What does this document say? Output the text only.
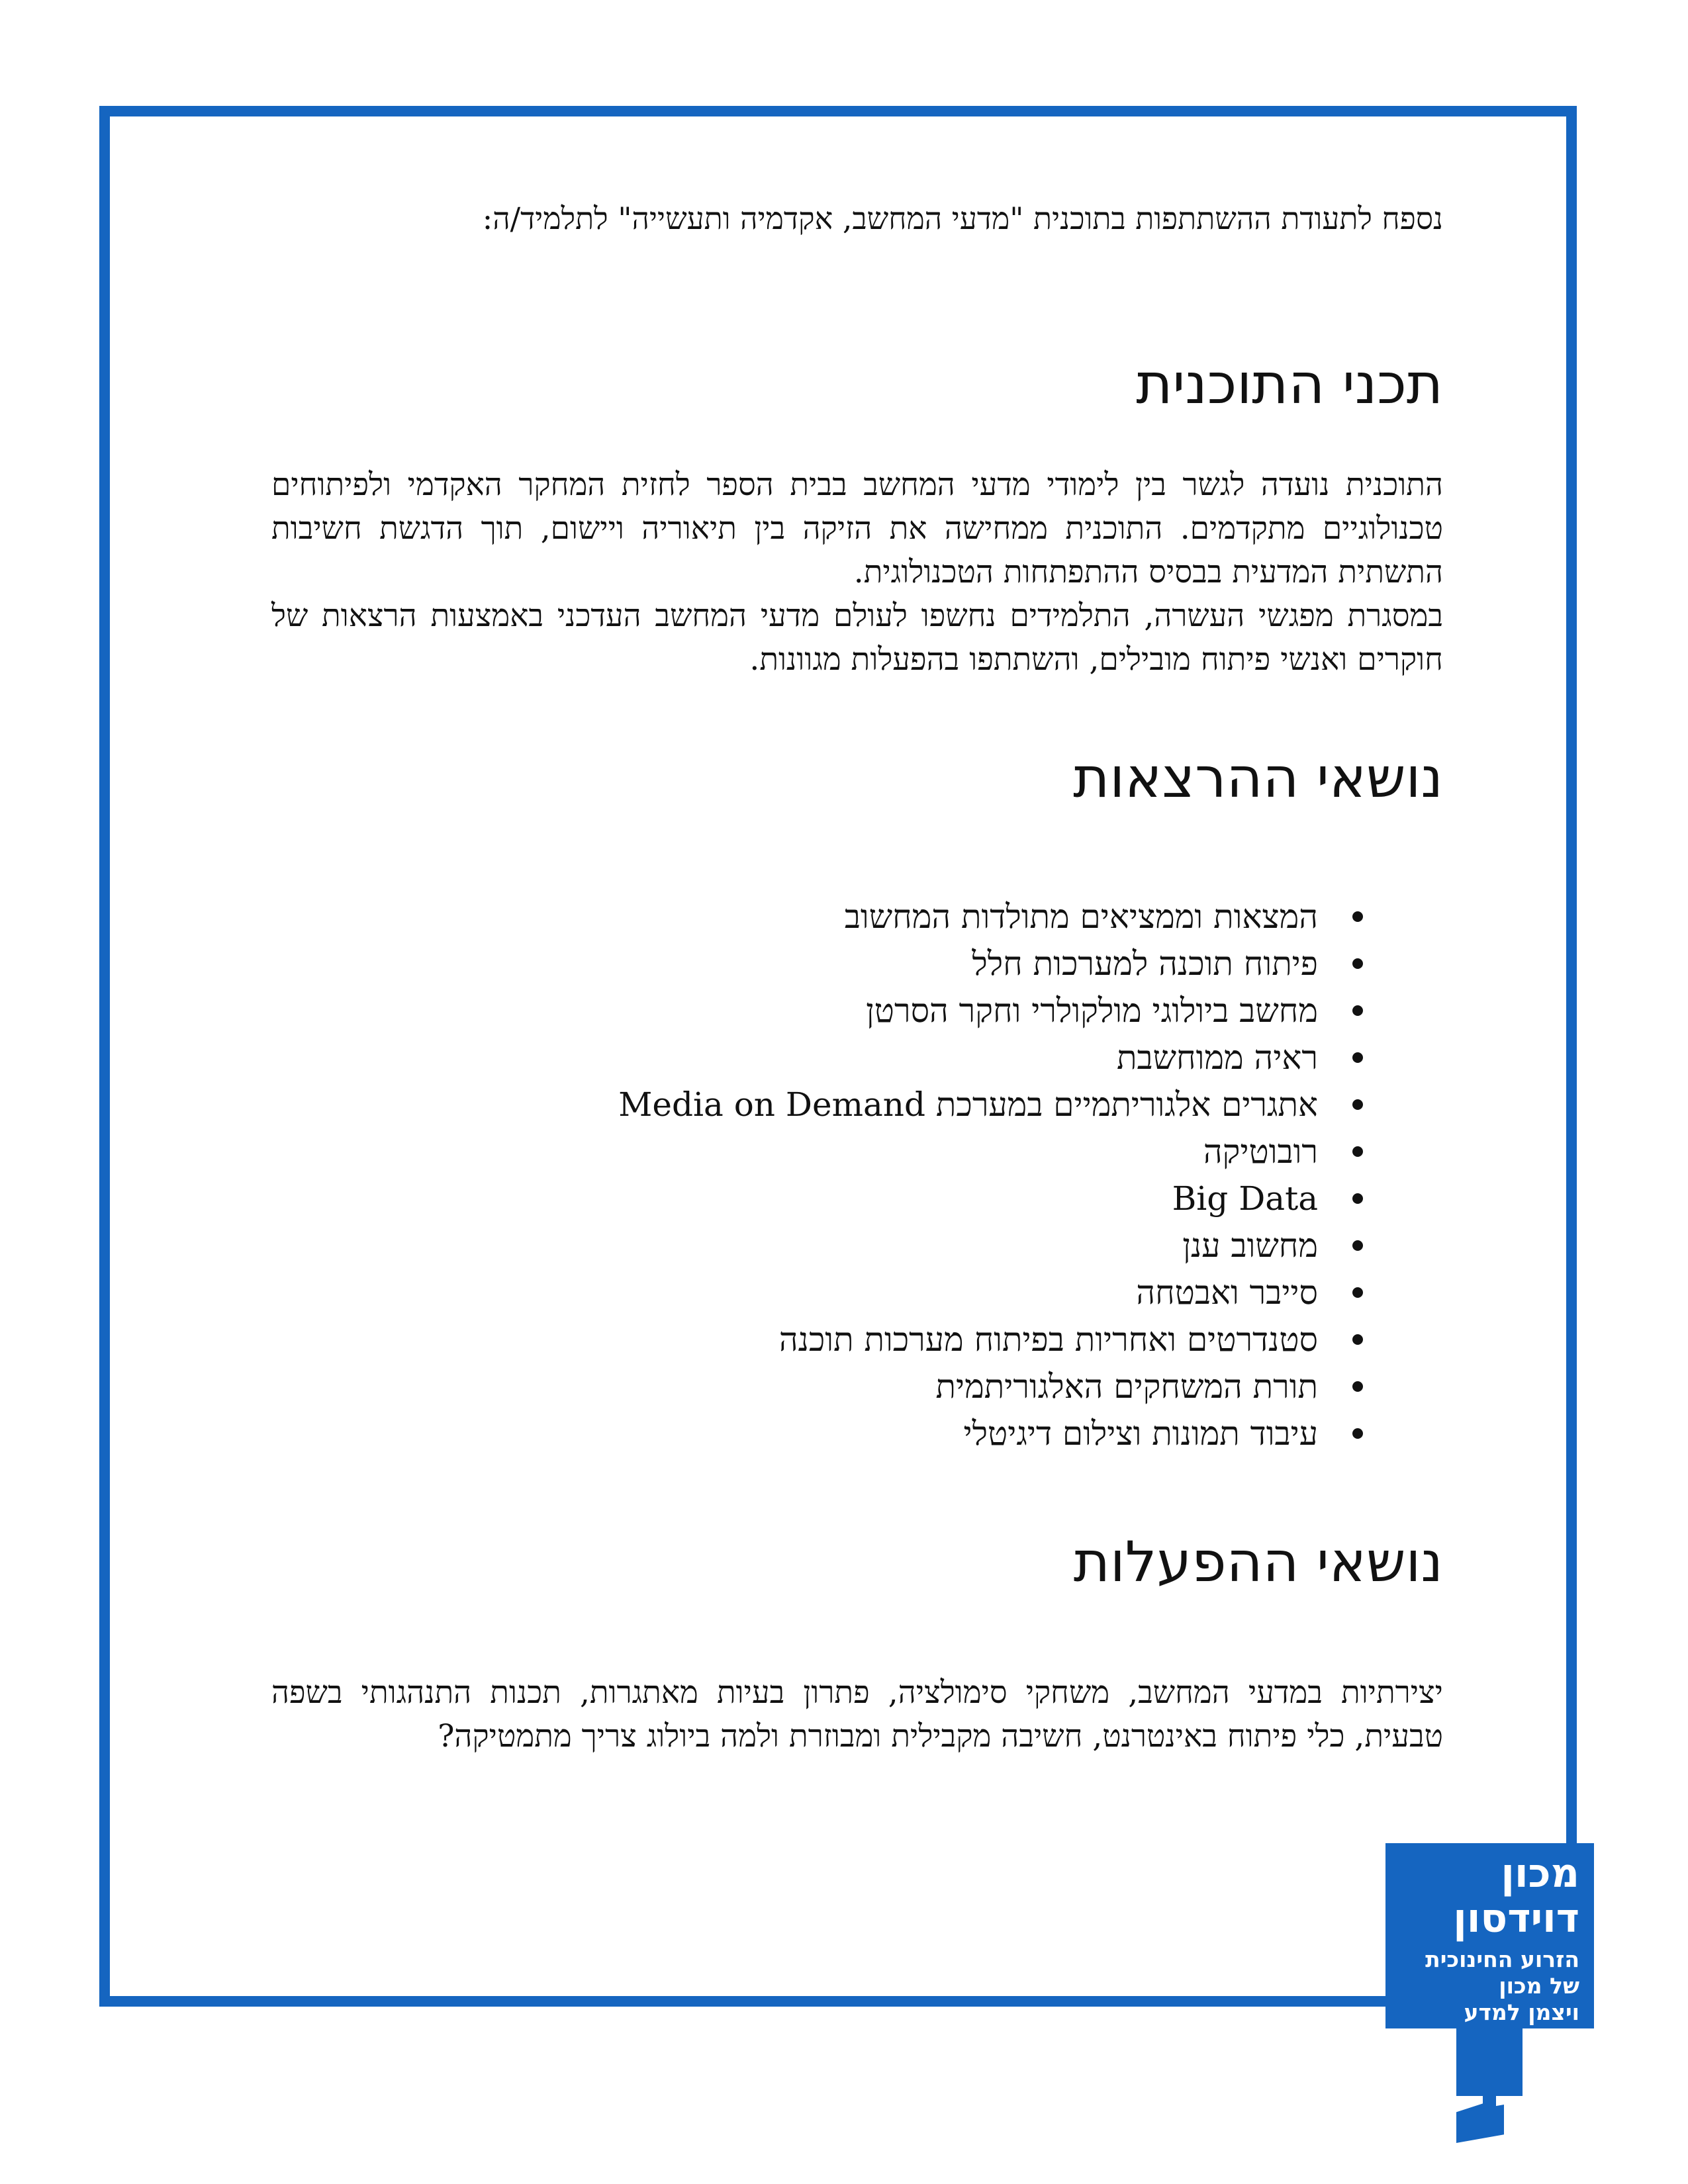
נספח לתעודת ההשתתפות בתוכנית "מדעי המחשב, אקדמיה ותעשייה" לתלמיד/ה:
תכני התוכנית

התוכנית נועדה לגשר בין לימודי מדעי המחשב בבית הספר לחזית המחקר האקדמי ולפיתוחים טכנולוגיים מתקדמים. התוכנית ממחישה את הזיקה בין תיאוריה ויישום, תוך הדגשת חשיבות התשתית המדעית בבסיס ההתפתחות הטכנולוגית.

במסגרת מפגשי העשרה, התלמידים נחשפו לעולם מדעי המחשב העדכני באמצעות הרצאות של חוקרים ואנשי פיתוח מובילים, והשתתפו בהפעלות מגוונות.

נושאי ההרצאות
המצאות וממציאים מתולדות המחשוב
פיתוח תוכנה למערכות חלל
מחשב ביולוגי מולקולרי וחקר הסרטן
ראיה ממוחשבת
אתגרים אלגוריתמיים במערכת Media on Demand
רובוטיקה
Big Data
מחשוב ענן
סייבר ואבטחה
סטנדרטים ואחריות בפיתוח מערכות תוכנה
תורת המשחקים האלגוריתמית
עיבוד תמונות וצילום דיגיטלי
נושאי ההפעלות

יצירתיות במדעי המחשב, משחקי סימולציה, פתרון בעיות מאתגרות, תכנות התנהגותי בשפה טבעית, כלי פיתוח באינטרנט, חשיבה מקבילית ומבוזרת ולמה ביולוג צריך מתמטיקה?

מכון
דוידסון
הזרוע החינוכית
של מכון
ויצמן למדע
